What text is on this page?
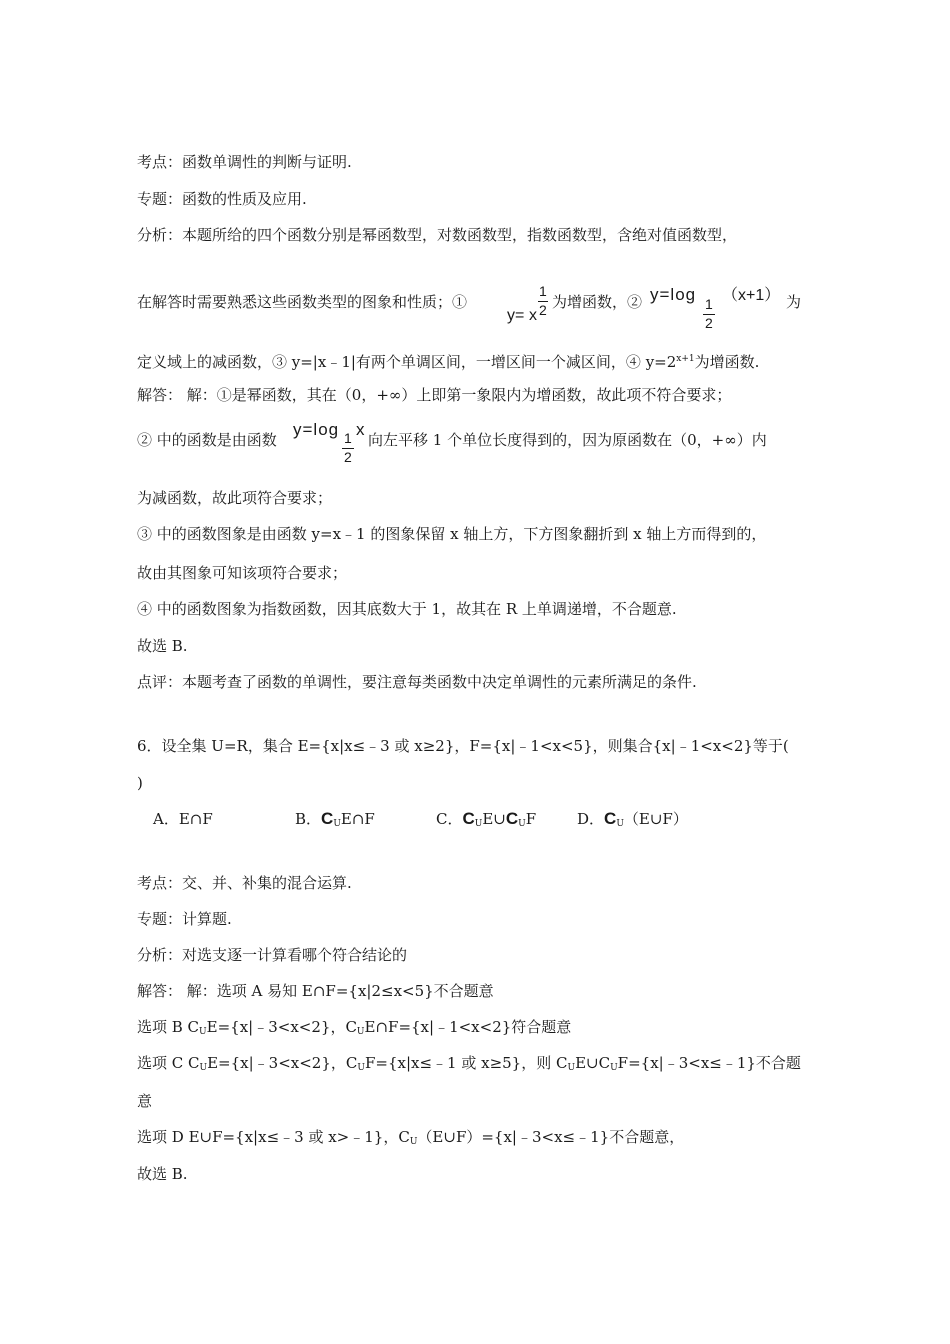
考点：函数单调性的判断与证明.
专题：函数的性质及应用.
分析：本题所给的四个函数分别是幂函数型，对数函数型，指数函数型，含绝对值函数型，
在解答时需要熟悉这些函数类型的图象和性质；①
y= x
1
2 为增函数，② y=log 1
2
（x+1） 为
定义域上的减函数，③ y=|x﹣1|有两个单调区间，一增区间一个减区间，④ $y=2^{x+1}$为增函数.
解答： 解：①是幂函数，其在（0，+∞）上即第一象限内为增函数，故此项不符合要求；
② 中的函数是由函数
y=log 1
2
x
向左平移 1 个单位长度得到的，因为原函数在（0，+∞）内
为减函数，故此项符合要求；
③ 中的函数图象是由函数 y=x﹣1 的图象保留 x 轴上方，下方图象翻折到 x 轴上方而得到的，
故由其图象可知该项符合要求；
④ 中的函数图象为指数函数，因其底数大于 1，故其在 R 上单调递增，不合题意.
故选 B.
点评：本题考查了函数的单调性，要注意每类函数中决定单调性的元素所满足的条件.
6．设全集 U=R，集合 E={x|x≤﹣3 或 x≥2}，F={x|﹣1<x<5}，则集合{x|﹣1<x<2}等于(
)
A．E∩F	B．$C_UE\cap F$	C．$C_UE\cup C_UF$	D．$C_U(E\cup F)$
考点：交、并、补集的混合运算.
专题：计算题.
分析：对选支逐一计算看哪个符合结论的
解答： 解：选项 A 易知 E∩F={x|2≤x<5}不合题意
选项 B $C_UE=\{x|﹣3<x<2\}$，$C_UE\cap F=\{x|﹣1<x<2\}$符合题意
选项 C $C_UE=\{x|﹣3<x<2\}$，$C_UF=\{x|x\le﹣1$ 或 x≥5}，则 $C_UE\cup C_UF=\{x|﹣3<x\le﹣1\}$不合题
意
选项 D E∪F={x|x≤﹣3 或 x>﹣1}，$C_U(E\cup F)=\{x|﹣3<x\le﹣1\}$不合题意，
故选 B.
